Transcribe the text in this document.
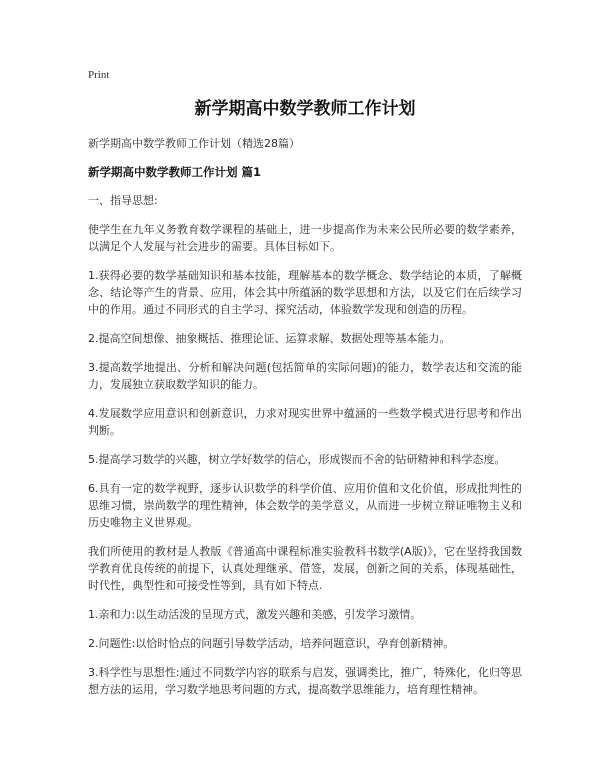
Print
新学期高中数学教师工作计划
新学期高中数学教师工作计划（精选28篇）
新学期高中数学教师工作计划 篇1

一、指导思想:

使学生在九年义务教育数学课程的基础上，进一步提高作为未来公民所必要的数学素养，以满足个人发展与社会进步的需要。具体目标如下。

1.获得必要的数学基础知识和基本技能，理解基本的数学概念、数学结论的本质，了解概念、结论等产生的背景、应用，体会其中所蕴涵的数学思想和方法，以及它们在后续学习中的作用。通过不同形式的自主学习、探究活动，体验数学发现和创造的历程。

2.提高空间想像、抽象概括、推理论证、运算求解、数据处理等基本能力。

3.提高数学地提出、分析和解决问题(包括简单的实际问题)的能力，数学表达和交流的能力，发展独立获取数学知识的能力。

4.发展数学应用意识和创新意识，力求对现实世界中蕴涵的一些数学模式进行思考和作出判断。

5.提高学习数学的兴趣，树立学好数学的信心，形成锲而不舍的钻研精神和科学态度。

6.具有一定的数学视野，逐步认识数学的科学价值、应用价值和文化价值，形成批判性的思维习惯，崇尚数学的理性精神，体会数学的美学意义，从而进一步树立辩证唯物主义和历史唯物主义世界观。

我们所使用的教材是人教版《普通高中课程标准实验教科书数学(A版)》，它在坚持我国数学教育优良传统的前提下，认真处理继承、借签，发展，创新之间的关系，体现基础性，时代性，典型性和可接受性等到，具有如下特点.

1.亲和力:以生动活泼的呈现方式，激发兴趣和美感，引发学习激情。

2.问题性:以恰时恰点的问题引导数学活动，培养问题意识，孕育创新精神。

3.科学性与思想性:通过不同数学内容的联系与启发，强调类比，推广，特殊化，化归等思想方法的运用，学习数学地思考问题的方式，提高数学思维能力，培育理性精神。
